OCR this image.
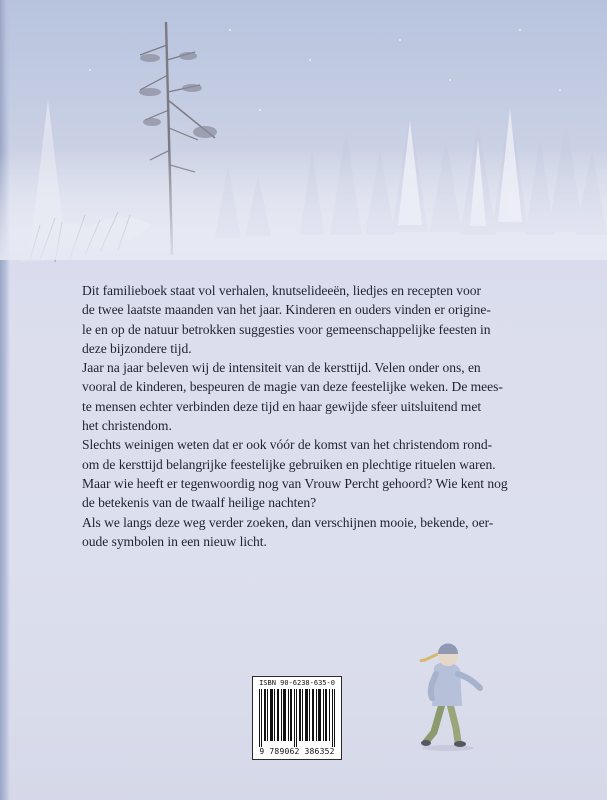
Dit familieboek staat vol verhalen, knutselideeën, liedjes en recepten voor
de twee laatste maanden van het jaar. Kinderen en ouders vinden er origine-
le en op de natuur betrokken suggesties voor gemeenschappelijke feesten in
deze bijzondere tijd.
Jaar na jaar beleven wij de intensiteit van de kersttijd. Velen onder ons, en
vooral de kinderen, bespeuren de magie van deze feestelijke weken. De mees-
te mensen echter verbinden deze tijd en haar gewijde sfeer uitsluitend met
het christendom.
Slechts weinigen weten dat er ook vóór de komst van het christendom rond-
om de kersttijd belangrijke feestelijke gebruiken en plechtige rituelen waren.
Maar wie heeft er tegenwoordig nog van Vrouw Percht gehoord? Wie kent nog
de betekenis van de twaalf heilige nachten?
Als we langs deze weg verder zoeken, dan verschijnen mooie, bekende, oer-
oude symbolen in een nieuw licht.
ISBN 90-6238-635-0
9 789062 386352
